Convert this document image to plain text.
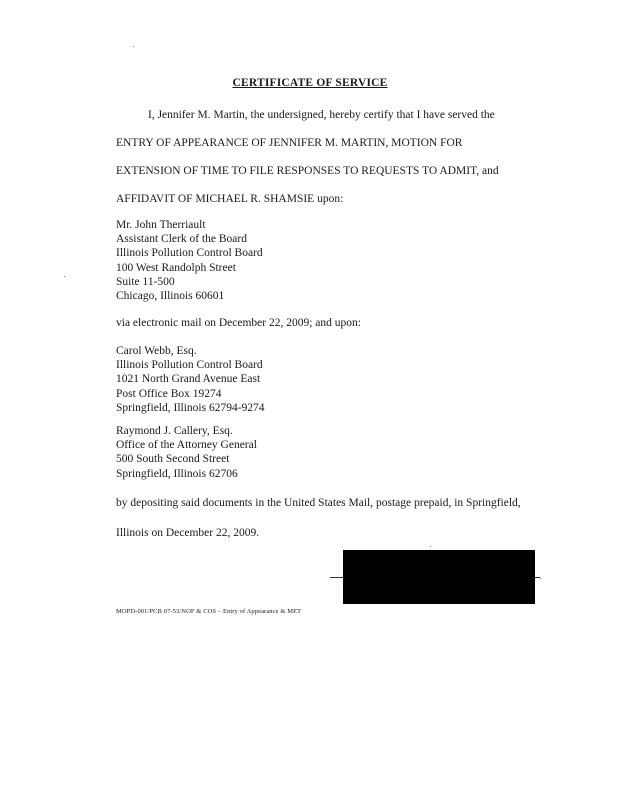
CERTIFICATE OF SERVICE
I, Jennifer M. Martin, the undersigned, hereby certify that I have served the
ENTRY OF APPEARANCE OF JENNIFER M. MARTIN, MOTION FOR
EXTENSION OF TIME TO FILE RESPONSES TO REQUESTS TO ADMIT, and
AFFIDAVIT OF MICHAEL R. SHAMSIE upon:
Mr. John Therriault
Assistant Clerk of the Board
Illinois Pollution Control Board
100 West Randolph Street
Suite 11-500
Chicago, Illinois 60601
via electronic mail on December 22, 2009; and upon:
Carol Webb, Esq.
Illinois Pollution Control Board
1021 North Grand Avenue East
Post Office Box 19274
Springfield, Illinois 62794-9274
Raymond J. Callery, Esq.
Office of the Attorney General
500 South Second Street
Springfield, Illinois 62706
by depositing said documents in the United States Mail, postage prepaid, in Springfield,
Illinois on December 22, 2009.
MOPD-001/PCB 07-53/NOF & COS – Entry of Appearance & MET
